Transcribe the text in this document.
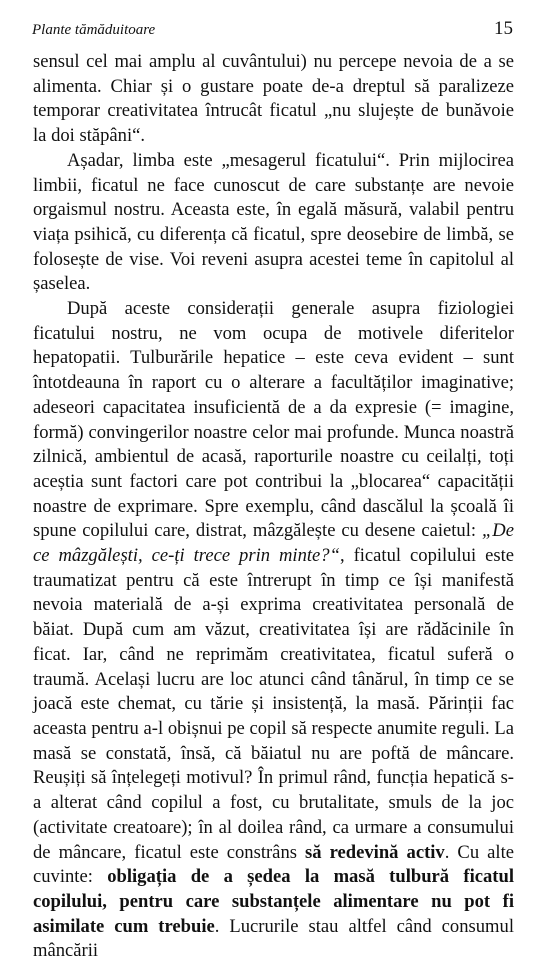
Plante tămăduitoare	15

sensul cel mai amplu al cuvântului) nu percepe nevoia de a se alimenta. Chiar și o gustare poate de-a dreptul să paralizeze temporar creativitatea întrucât ficatul „nu slujește de bunăvoie la doi stăpâni“.

Așadar, limba este „mesagerul ficatului“. Prin mijlocirea limbii, ficatul ne face cunoscut de care substanțe are nevoie orgaismul nostru. Aceasta este, în egală măsură, valabil pentru viața psihică, cu diferența că ficatul, spre deosebire de limbă, se folosește de vise. Voi reveni asupra acestei teme în capitolul al șaselea.

După aceste considerații generale asupra fiziologiei ficatului nostru, ne vom ocupa de motivele diferitelor hepatopatii. Tulburările hepatice – este ceva evident – sunt întotdeauna în raport cu o alterare a facultăților imaginative; adeseori capacitatea insuficientă de a da expresie (= imagine, formă) convingerilor noastre celor mai profunde. Munca noastră zilnică, ambientul de acasă, raporturile noastre cu ceilalți, toți aceștia sunt factori care pot contribui la „blocarea“ capacității noastre de exprimare. Spre exemplu, când dascălul la școală îi spune copilului care, distrat, mâzgălește cu desene caietul: „De ce mâzgălești, ce-ți trece prin minte?“, ficatul copilului este traumatizat pentru că este întrerupt în timp ce își manifestă nevoia materială de a-și exprima creativitatea personală de băiat. După cum am văzut, creativitatea își are rădăcinile în ficat. Iar, când ne reprimăm creativitatea, ficatul suferă o traumă. Același lucru are loc atunci când tânărul, în timp ce se joacă este chemat, cu tărie și insistență, la masă. Părinții fac aceasta pentru a-l obișnui pe copil să respecte anumite reguli. La masă se constată, însă, că băiatul nu are poftă de mâncare. Reușiți să înțelegeți motivul? În primul rând, funcția hepatică s-a alterat când copilul a fost, cu brutalitate, smuls de la joc (activitate creatoare); în al doilea rând, ca urmare a consumului de mâncare, ficatul este constrâns să redevină activ. Cu alte cuvinte: obligația de a ședea la masă tulbură ficatul copilului, pentru care substanțele alimentare nu pot fi asimilate cum trebuie. Lucrurile stau altfel când consumul mâncării
